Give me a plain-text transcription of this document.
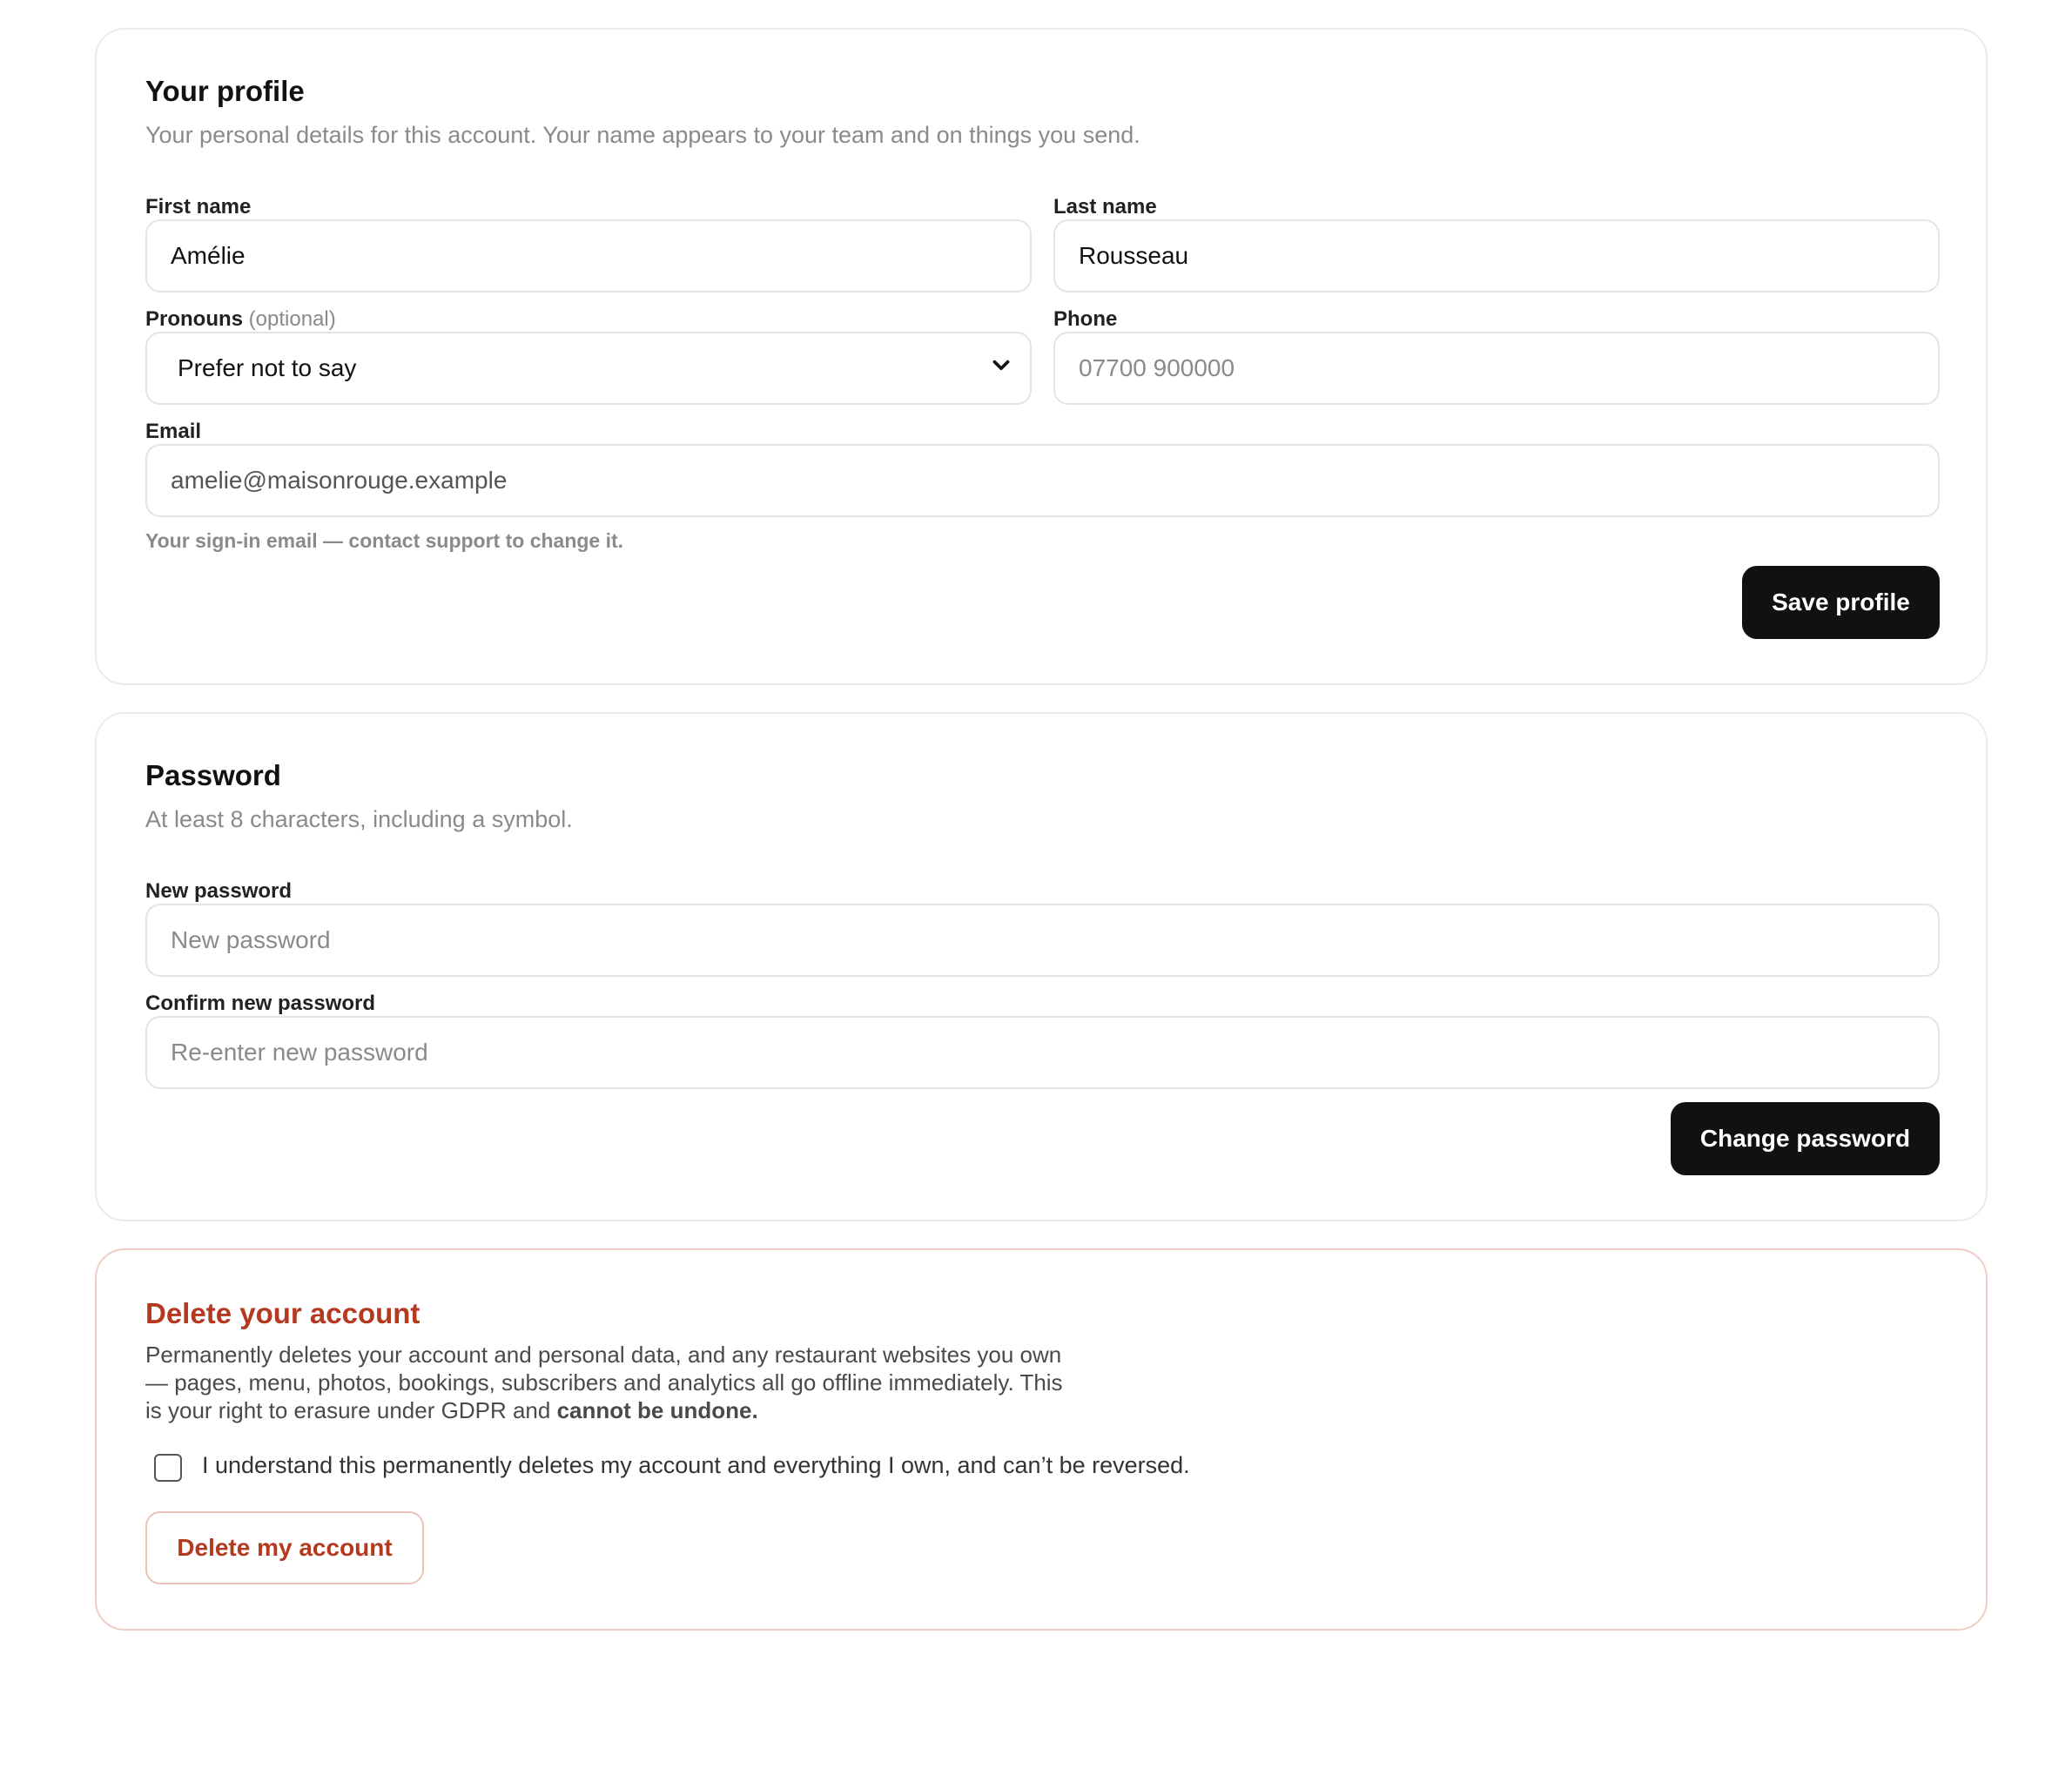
Your profile

Your personal details for this account. Your name appears to your team and on things you send.

First name
Amélie
Last name
Rousseau
Pronouns (optional)
Prefer not to say
Phone
07700 900000
Email
amelie@maisonrouge.example

Your sign-in email — contact support to change it.

Save profile
Password

At least 8 characters, including a symbol.

New password
New password
Confirm new password
Re-enter new password
Change password
Delete your account

Permanently deletes your account and personal data, and any restaurant websites you own — pages, menu, photos, bookings, subscribers and analytics all go offline immediately. This is your right to erasure under GDPR and cannot be undone.

I understand this permanently deletes my account and everything I own, and can’t be reversed.
Delete my account
